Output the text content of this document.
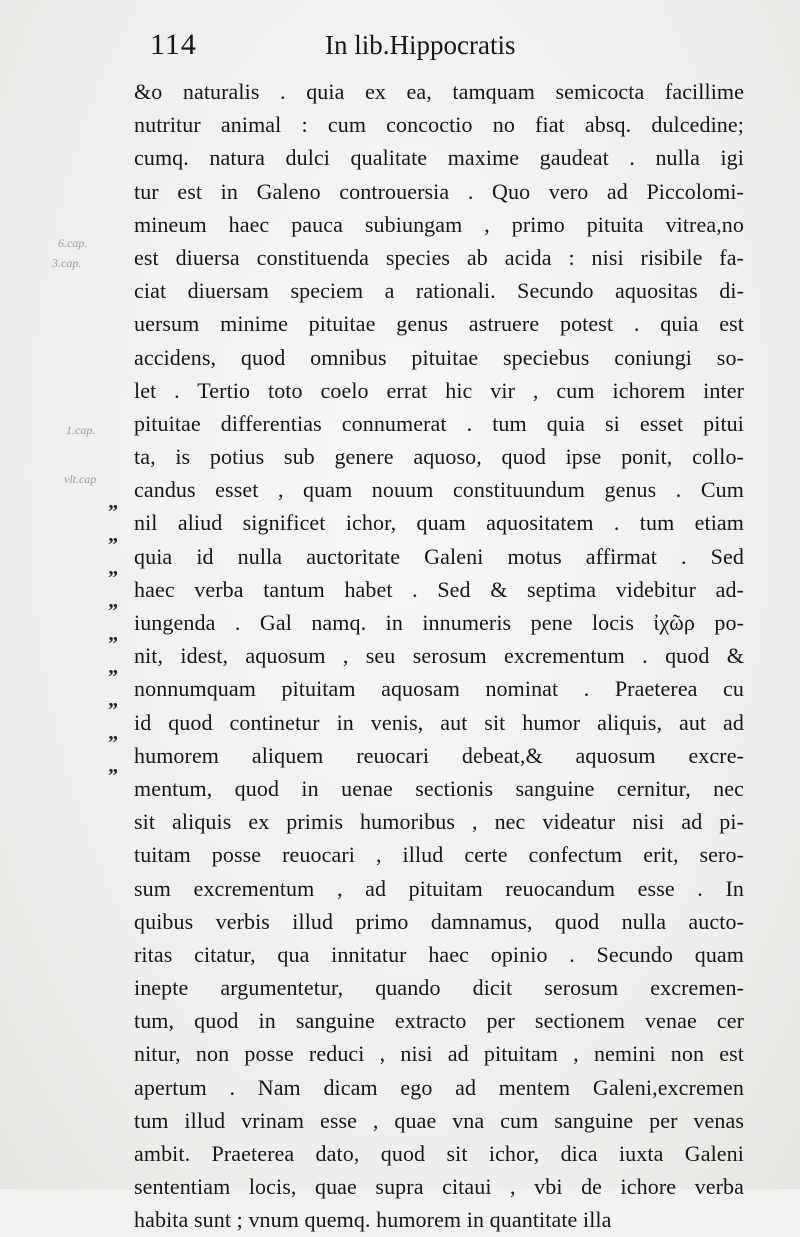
114	In lib.Hippocratis
6.cap.
3.cap.
1.cap.
vlt.cap
”
”
”
”
”
”
”
”
”
&o naturalis . quia ex ea, tamquam semicocta facillime
nutritur animal : cum concoctio no fiat absq. dulcedine;
cumq. natura dulci qualitate maxime gaudeat . nulla igi
tur est in Galeno controuersia . Quo vero ad Piccolomi-
mineum haec pauca subiungam , primo pituita vitrea,no
est diuersa constituenda species ab acida : nisi risibile fa-
ciat diuersam speciem a rationali. Secundo aquositas di-
uersum minime pituitae genus astruere potest . quia est
accidens, quod omnibus pituitae speciebus coniungi so-
let . Tertio toto coelo errat hic vir , cum ichorem inter
pituitae differentias connumerat . tum quia si esset pitui
ta, is potius sub genere aquoso, quod ipse ponit, collo-
candus esset , quam nouum constituundum genus . Cum
nil aliud significet ichor, quam aquositatem . tum etiam
quia id nulla auctoritate Galeni motus affirmat . Sed
haec verba tantum habet . Sed & septima videbitur ad-
iungenda . Gal namq. in innumeris pene locis ἰχῶρ po-
nit, idest, aquosum , seu serosum excrementum . quod &
nonnumquam pituitam aquosam nominat . Praeterea cu
id quod continetur in venis, aut sit humor aliquis, aut ad
humorem aliquem reuocari debeat,& aquosum excre-
mentum, quod in uenae sectionis sanguine cernitur, nec
sit aliquis ex primis humoribus , nec videatur nisi ad pi-
tuitam posse reuocari , illud certe confectum erit, sero-
sum excrementum , ad pituitam reuocandum esse . In
quibus verbis illud primo damnamus, quod nulla aucto-
ritas citatur, qua innitatur haec opinio . Secundo quam
inepte argumentetur, quando dicit serosum excremen-
tum, quod in sanguine extracto per sectionem venae cer
nitur, non posse reduci , nisi ad pituitam , nemini non est
apertum . Nam dicam ego ad mentem Galeni,excremen
tum illud vrinam esse , quae vna cum sanguine per venas
ambit. Praeterea dato, quod sit ichor, dica iuxta Galeni
sententiam locis, quae supra citaui , vbi de ichore verba
habita sunt ; vnum quemq. humorem in quantitate illa
